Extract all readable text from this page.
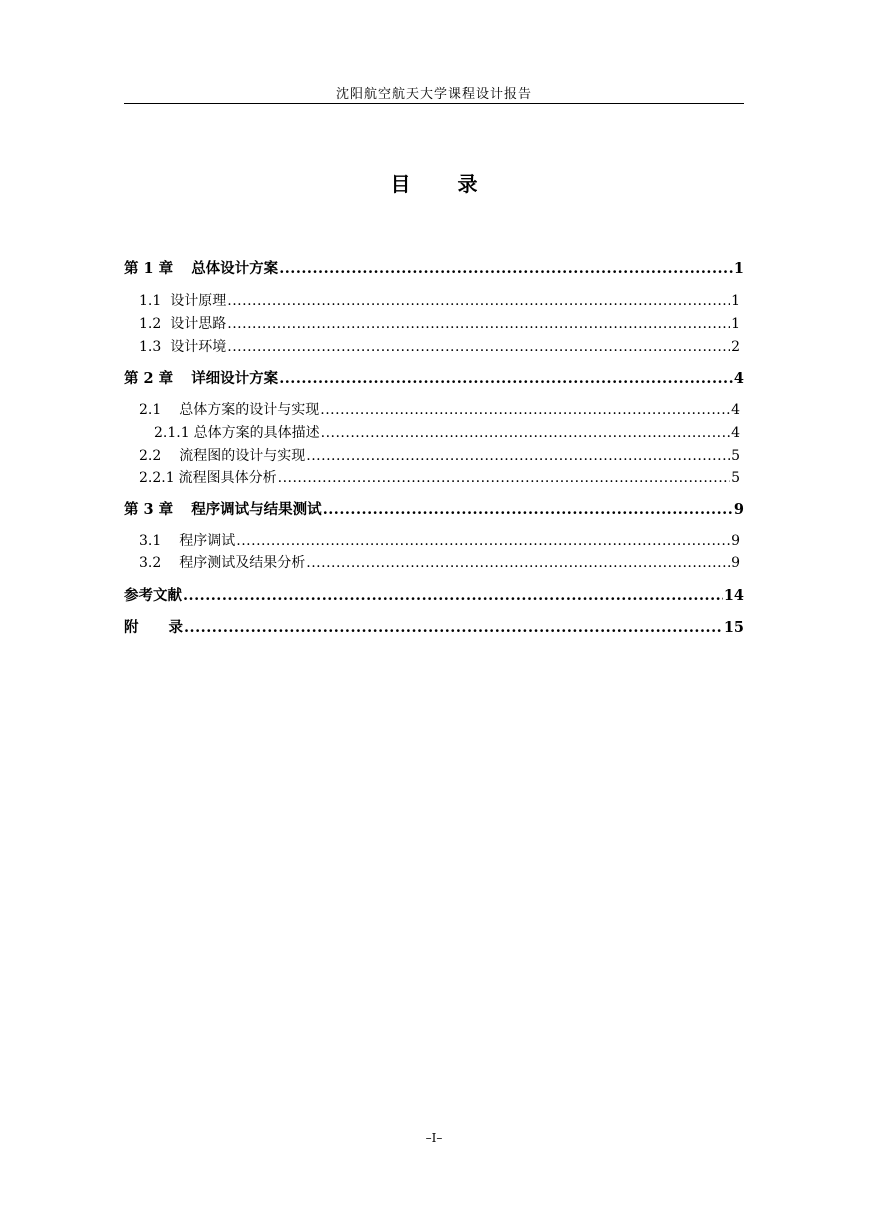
沈阳航空航天大学课程设计报告
目 录
第 1 章 总体设计方案 .....	1
1.1 设计原理 .....	1
1.2 设计思路 .....	1
1.3 设计环境 .....	2
第 2 章 详细设计方案 .....	4
2.1 总体方案的设计与实现 .....	4
2.1.1 总体方案的具体描述 .....	4
2.2 流程图的设计与实现 .....	5
2.2.1 流程图具体分析 .....	5
第 3 章 程序调试与结果测试 .....	9
3.1 程序调试 .....	9
3.2 程序测试及结果分析 .....	9
参考文献 .....	14
附 录 .....	15
–I–
